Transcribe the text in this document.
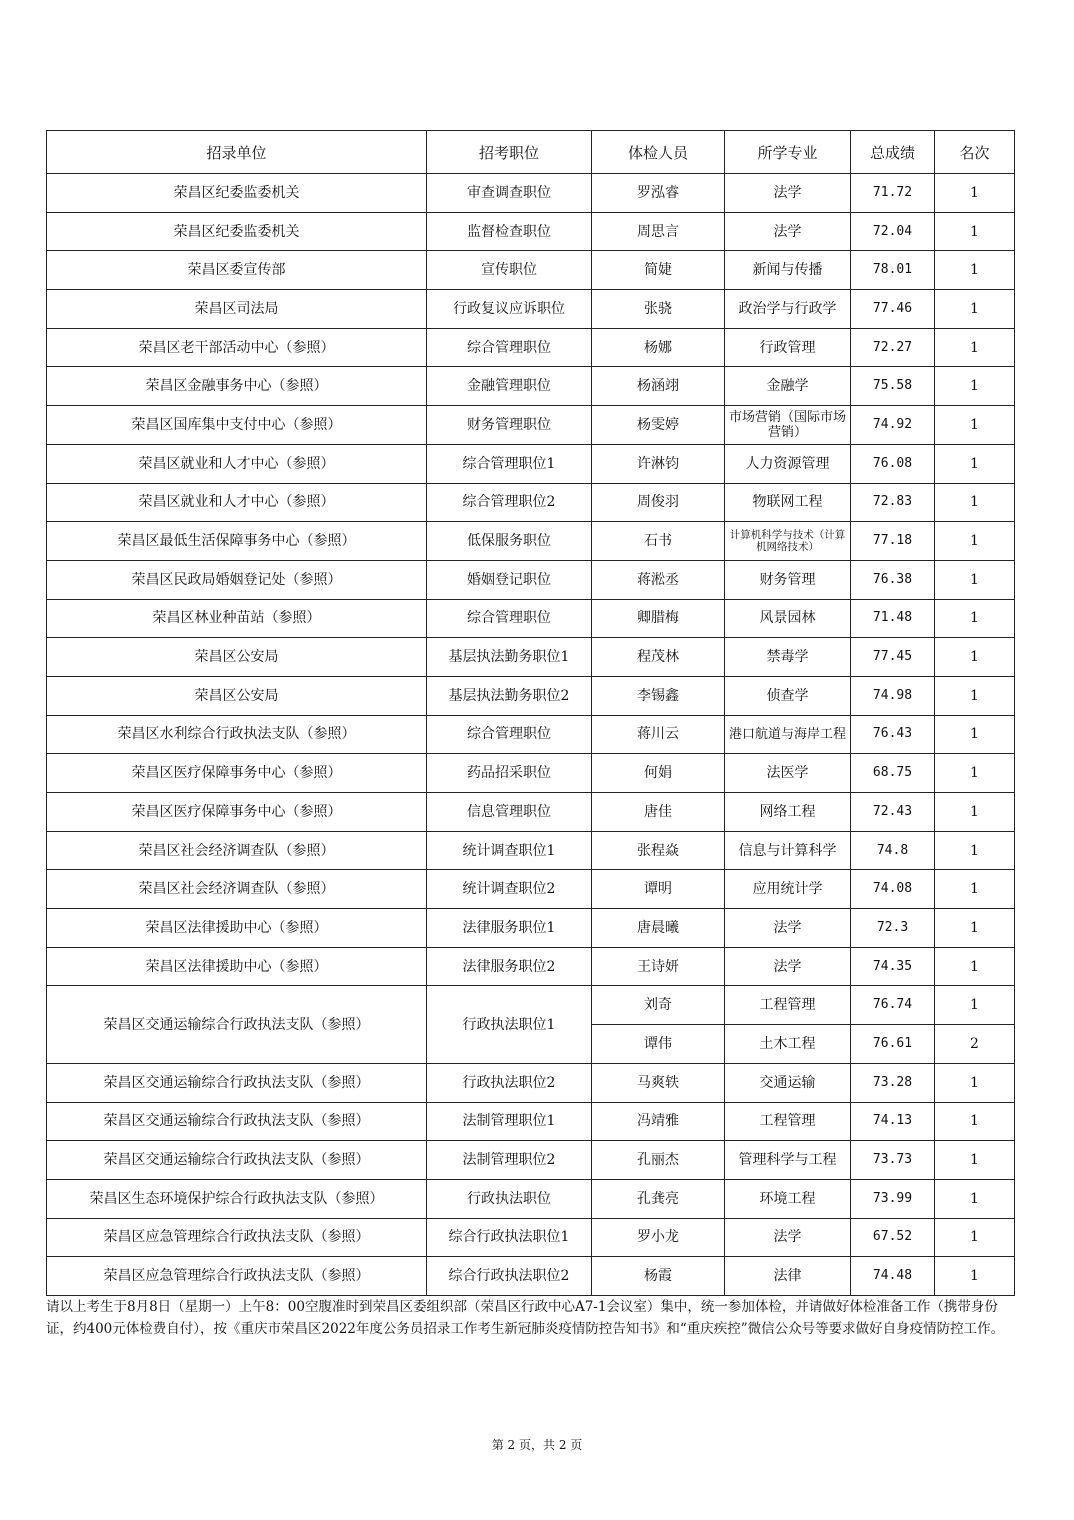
招录单位	招考职位	体检人员	所学专业	总成绩	名次
荣昌区纪委监委机关	审查调查职位	罗泓睿	法学	71.72	1
荣昌区纪委监委机关	监督检查职位	周思言	法学	72.04	1
荣昌区委宣传部	宣传职位	简婕	新闻与传播	78.01	1
荣昌区司法局	行政复议应诉职位	张骁	政治学与行政学	77.46	1
荣昌区老干部活动中心（参照）	综合管理职位	杨娜	行政管理	72.27	1
荣昌区金融事务中心（参照）	金融管理职位	杨涵翊	金融学	75.58	1
荣昌区国库集中支付中心（参照）	财务管理职位	杨雯婷	市场营销（国际市场营销）	74.92	1
荣昌区就业和人才中心（参照）	综合管理职位1	许淋钧	人力资源管理	76.08	1
荣昌区就业和人才中心（参照）	综合管理职位2	周俊羽	物联网工程	72.83	1
荣昌区最低生活保障事务中心（参照）	低保服务职位	石书	计算机科学与技术（计算机网络技术）	77.18	1
荣昌区民政局婚姻登记处（参照）	婚姻登记职位	蒋淞丞	财务管理	76.38	1
荣昌区林业种苗站（参照）	综合管理职位	卿腊梅	风景园林	71.48	1
荣昌区公安局	基层执法勤务职位1	程茂林	禁毒学	77.45	1
荣昌区公安局	基层执法勤务职位2	李锡鑫	侦查学	74.98	1
荣昌区水利综合行政执法支队（参照）	综合管理职位	蒋川云	港口航道与海岸工程	76.43	1
荣昌区医疗保障事务中心（参照）	药品招采职位	何娟	法医学	68.75	1
荣昌区医疗保障事务中心（参照）	信息管理职位	唐佳	网络工程	72.43	1
荣昌区社会经济调查队（参照）	统计调查职位1	张程焱	信息与计算科学	74.8	1
荣昌区社会经济调查队（参照）	统计调查职位2	谭明	应用统计学	74.08	1
荣昌区法律援助中心（参照）	法律服务职位1	唐晨曦	法学	72.3	1
荣昌区法律援助中心（参照）	法律服务职位2	王诗妍	法学	74.35	1
荣昌区交通运输综合行政执法支队（参照）	行政执法职位1	刘奇	工程管理	76.74	1
		谭伟	土木工程	76.61	2
荣昌区交通运输综合行政执法支队（参照）	行政执法职位2	马爽轶	交通运输	73.28	1
荣昌区交通运输综合行政执法支队（参照）	法制管理职位1	冯靖雅	工程管理	74.13	1
荣昌区交通运输综合行政执法支队（参照）	法制管理职位2	孔丽杰	管理科学与工程	73.73	1
荣昌区生态环境保护综合行政执法支队（参照）	行政执法职位	孔龚亮	环境工程	73.99	1
荣昌区应急管理综合行政执法支队（参照）	综合行政执法职位1	罗小龙	法学	67.52	1
荣昌区应急管理综合行政执法支队（参照）	综合行政执法职位2	杨霞	法律	74.48	1

请以上考生于8月8日（星期一）上午8：00空腹准时到荣昌区委组织部（荣昌区行政中心A7-1会议室）集中，统一参加体检，并请做好体检准备工作（携带身份证，约400元体检费自付），按《重庆市荣昌区2022年度公务员招录工作考生新冠肺炎疫情防控告知书》和“重庆疾控”微信公众号等要求做好自身疫情防控工作。

第 2 页，共 2 页
